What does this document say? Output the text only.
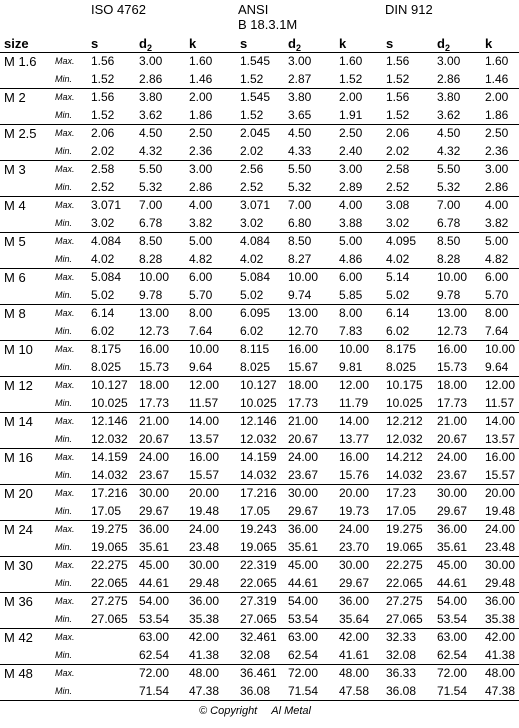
ISO 4762	ANSI
B 18.3.1M
DIN 912
size		s	$d_2$	k	s	$d_2$	k	s	$d_2$	k
M 1.6	Max.	1.56	3.00	1.60	1.545	3.00	1.60	1.56	3.00	1.60
	Min.	1.52	2.86	1.46	1.52	2.87	1.52	1.52	2.86	1.46
M 2	Max.	1.56	3.80	2.00	1.545	3.80	2.00	1.56	3.80	2.00
	Min.	1.52	3.62	1.86	1.52	3.65	1.91	1.52	3.62	1.86
M 2.5	Max.	2.06	4.50	2.50	2.045	4.50	2.50	2.06	4.50	2.50
	Min.	2.02	4.32	2.36	2.02	4.33	2.40	2.02	4.32	2.36
M 3	Max.	2.58	5.50	3.00	2.56	5.50	3.00	2.58	5.50	3.00
	Min.	2.52	5.32	2.86	2.52	5.32	2.89	2.52	5.32	2.86
M 4	Max.	3.071	7.00	4.00	3.071	7.00	4.00	3.08	7.00	4.00
	Min.	3.02	6.78	3.82	3.02	6.80	3.88	3.02	6.78	3.82
M 5	Max.	4.084	8.50	5.00	4.084	8.50	5.00	4.095	8.50	5.00
	Min.	4.02	8.28	4.82	4.02	8.27	4.86	4.02	8.28	4.82
M 6	Max.	5.084	10.00	6.00	5.084	10.00	6.00	5.14	10.00	6.00
	Min.	5.02	9.78	5.70	5.02	9.74	5.85	5.02	9.78	5.70
M 8	Max.	6.14	13.00	8.00	6.095	13.00	8.00	6.14	13.00	8.00
	Min.	6.02	12.73	7.64	6.02	12.70	7.83	6.02	12.73	7.64
M 10	Max.	8.175	16.00	10.00	8.115	16.00	10.00	8.175	16.00	10.00
	Min.	8.025	15.73	9.64	8.025	15.67	9.81	8.025	15.73	9.64
M 12	Max.	10.127	18.00	12.00	10.127	18.00	12.00	10.175	18.00	12.00
	Min.	10.025	17.73	11.57	10.025	17.73	11.79	10.025	17.73	11.57
M 14	Max.	12.146	21.00	14.00	12.146	21.00	14.00	12.212	21.00	14.00
	Min.	12.032	20.67	13.57	12.032	20.67	13.77	12.032	20.67	13.57
M 16	Max.	14.159	24.00	16.00	14.159	24.00	16.00	14.212	24.00	16.00
	Min.	14.032	23.67	15.57	14.032	23.67	15.76	14.032	23.67	15.57
M 20	Max.	17.216	30.00	20.00	17.216	30.00	20.00	17.23	30.00	20.00
	Min.	17.05	29.67	19.48	17.05	29.67	19.73	17.05	29.67	19.48
M 24	Max.	19.275	36.00	24.00	19.243	36.00	24.00	19.275	36.00	24.00
	Min.	19.065	35.61	23.48	19.065	35.61	23.70	19.065	35.61	23.48
M 30	Max.	22.275	45.00	30.00	22.319	45.00	30.00	22.275	45.00	30.00
	Min.	22.065	44.61	29.48	22.065	44.61	29.67	22.065	44.61	29.48
M 36	Max.	27.275	54.00	36.00	27.319	54.00	36.00	27.275	54.00	36.00
	Min.	27.065	53.54	35.38	27.065	53.54	35.64	27.065	53.54	35.38
M 42	Max.		63.00	42.00	32.461	63.00	42.00	32.33	63.00	42.00
	Min.		62.54	41.38	32.08	62.54	41.61	32.08	62.54	41.38
M 48	Max.		72.00	48.00	36.461	72.00	48.00	36.33	72.00	48.00
	Min.		71.54	47.38	36.08	71.54	47.58	36.08	71.54	47.38
© Copyright Al Metal
